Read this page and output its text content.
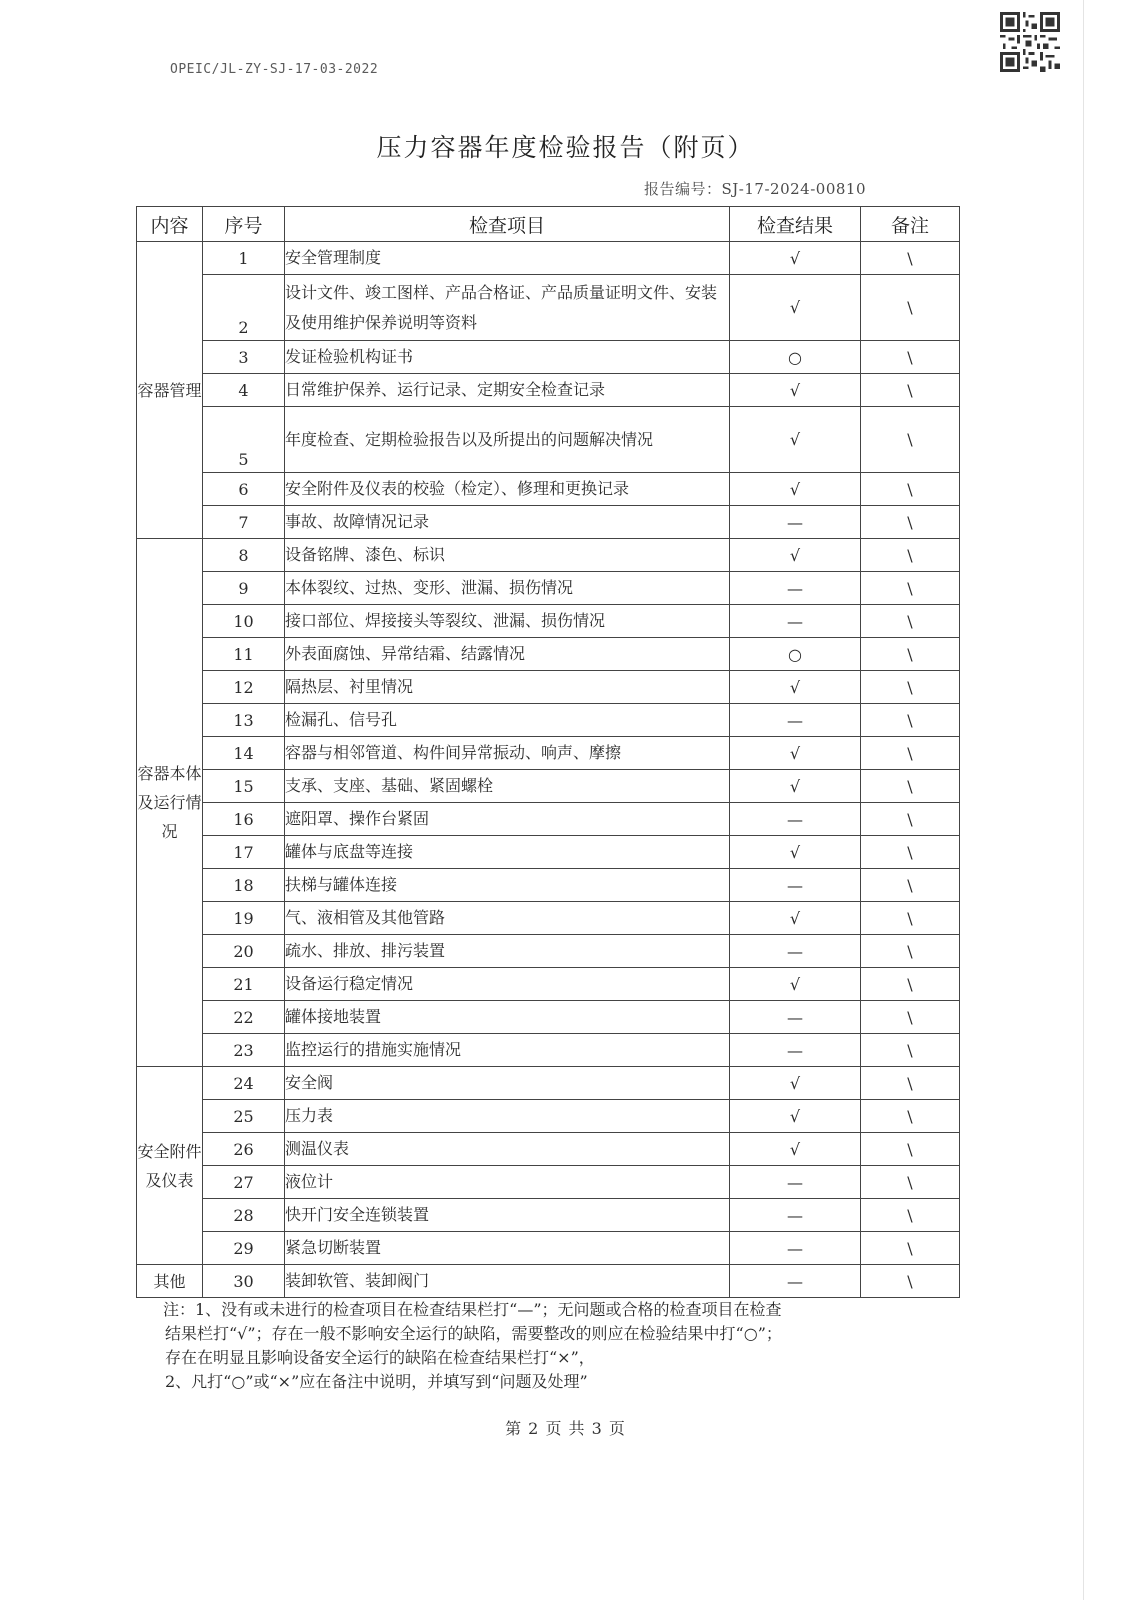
OPEIC/JL-ZY-SJ-17-03-2022
压力容器年度检验报告（附页）
报告编号：SJ-17-2024-00810
内容	序号	检查项目	检查结果	备注
容器管理	1	安全管理制度	√	\
	2	设计文件、竣工图样、产品合格证、产品质量证明文件、安装及使用维护保养说明等资料	√	\
	3	发证检验机构证书	○	\
	4	日常维护保养、运行记录、定期安全检查记录	√	\
	5	年度检查、定期检验报告以及所提出的问题解决情况	√	\
	6	安全附件及仪表的校验（检定）、修理和更换记录	√	\
	7	事故、故障情况记录	—	\
容器本体及运行情况	8	设备铭牌、漆色、标识	√	\
	9	本体裂纹、过热、变形、泄漏、损伤情况	—	\
	10	接口部位、焊接接头等裂纹、泄漏、损伤情况	—	\
	11	外表面腐蚀、异常结霜、结露情况	○	\
	12	隔热层、衬里情况	√	\
	13	检漏孔、信号孔	—	\
	14	容器与相邻管道、构件间异常振动、响声、摩擦	√	\
	15	支承、支座、基础、紧固螺栓	√	\
	16	遮阳罩、操作台紧固	—	\
	17	罐体与底盘等连接	√	\
	18	扶梯与罐体连接	—	\
	19	气、液相管及其他管路	√	\
	20	疏水、排放、排污装置	—	\
	21	设备运行稳定情况	√	\
	22	罐体接地装置	—	\
	23	监控运行的措施实施情况	—	\
安全附件及仪表	24	安全阀	√	\
	25	压力表	√	\
	26	测温仪表	√	\
	27	液位计	—	\
	28	快开门安全连锁装置	—	\
	29	紧急切断装置	—	\
其他	30	装卸软管、装卸阀门	—	\

注：1、没有或未进行的检查项目在检查结果栏打“—”；无问题或合格的检查项目在检查

结果栏打“√”；存在一般不影响安全运行的缺陷，需要整改的则应在检验结果中打“○”；

存在在明显且影响设备安全运行的缺陷在检查结果栏打“×”，

2、凡打“○”或“×”应在备注中说明，并填写到“问题及处理”

第 2 页 共 3 页
